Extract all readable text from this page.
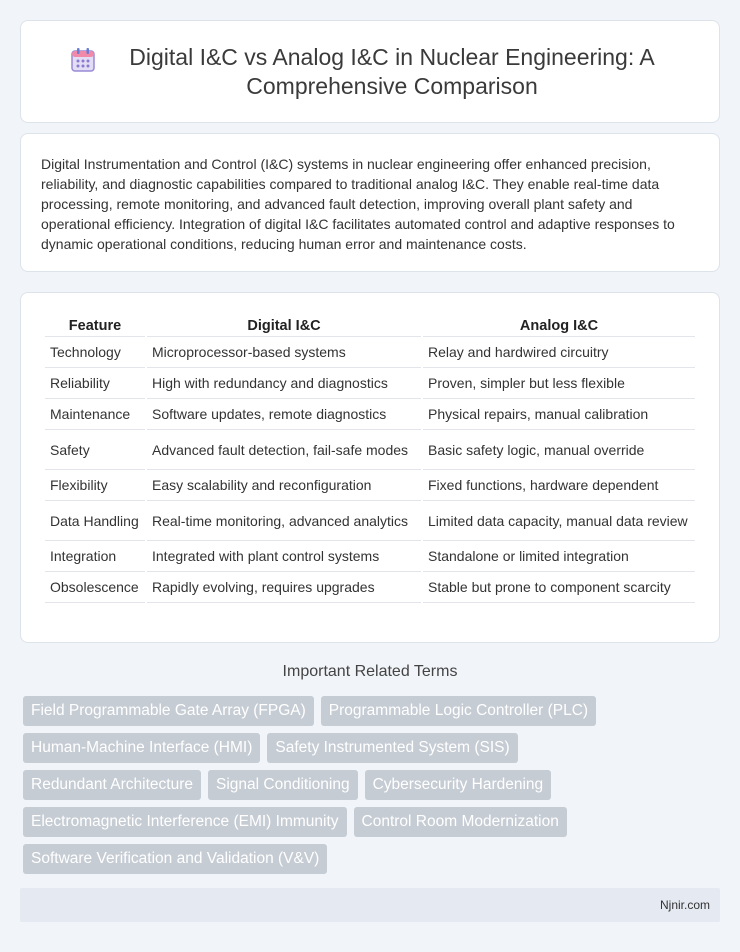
Digital I&C vs Analog I&C in Nuclear Engineering: A Comprehensive Comparison

Digital Instrumentation and Control (I&C) systems in nuclear engineering offer enhanced precision, reliability, and diagnostic capabilities compared to traditional analog I&C. They enable real-time data processing, remote monitoring, and advanced fault detection, improving overall plant safety and operational efficiency. Integration of digital I&C facilitates automated control and adaptive responses to dynamic operational conditions, reducing human error and maintenance costs.

Feature	Digital I&C	Analog I&C
Technology	Microprocessor-based systems	Relay and hardwired circuitry
Reliability	High with redundancy and diagnostics	Proven, simpler but less flexible
Maintenance	Software updates, remote diagnostics	Physical repairs, manual calibration
Safety	Advanced fault detection, fail-safe modes	Basic safety logic, manual override
Flexibility	Easy scalability and reconfiguration	Fixed functions, hardware dependent
Data Handling	Real-time monitoring, advanced analytics	Limited data capacity, manual data review
Integration	Integrated with plant control systems	Standalone or limited integration
Obsolescence	Rapidly evolving, requires upgrades	Stable but prone to component scarcity
Important Related Terms
Field Programmable Gate Array (FPGA)	Programmable Logic Controller (PLC)
Human-Machine Interface (HMI)	Safety Instrumented System (SIS)
Redundant Architecture	Signal Conditioning	Cybersecurity Hardening
Electromagnetic Interference (EMI) Immunity	Control Room Modernization
Software Verification and Validation (V&V)
Njnir.com
